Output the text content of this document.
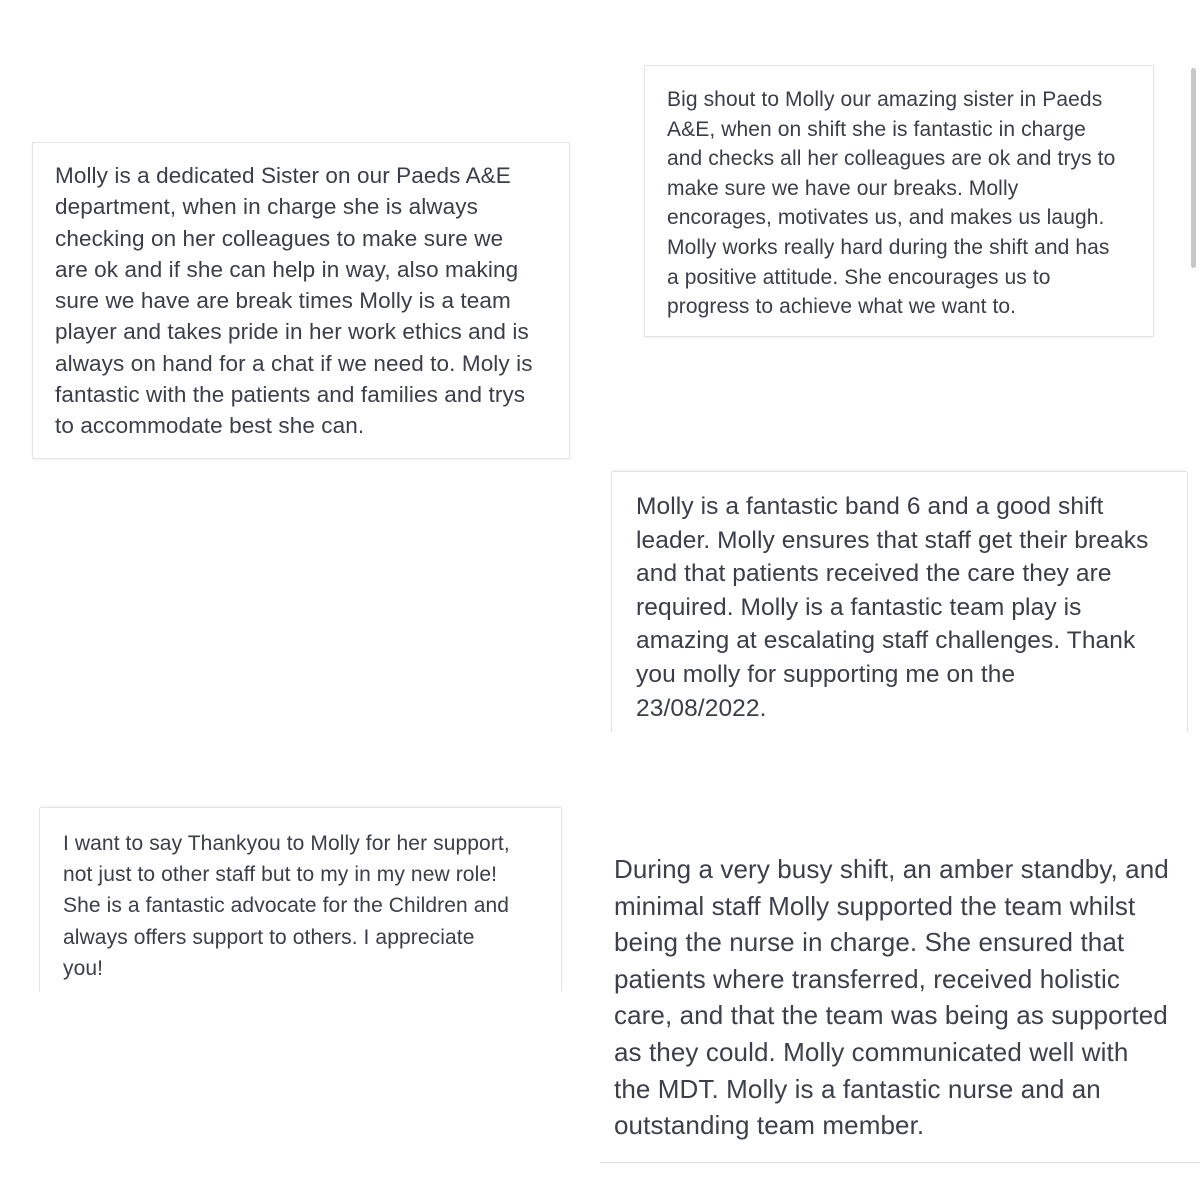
Big shout to Molly our amazing sister in Paeds
A&E, when on shift she is fantastic in charge
and checks all her colleagues are ok and trys to
make sure we have our breaks. Molly
encorages, motivates us, and makes us laugh.
Molly works really hard during the shift and has
a positive attitude. She encourages us to
progress to achieve what we want to.
Molly is a dedicated Sister on our Paeds A&E
department, when in charge she is always
checking on her colleagues to make sure we
are ok and if she can help in way, also making
sure we have are break times Molly is a team
player and takes pride in her work ethics and is
always on hand for a chat if we need to. Moly is
fantastic with the patients and families and trys
to accommodate best she can.
Molly is a fantastic band 6 and a good shift
leader. Molly ensures that staff get their breaks
and that patients received the care they are
required. Molly is a fantastic team play is
amazing at escalating staff challenges. Thank
you molly for supporting me on the
23/08/2022.
I want to say Thankyou to Molly for her support,
not just to other staff but to my in my new role!
She is a fantastic advocate for the Children and
always offers support to others. I appreciate
you!
During a very busy shift, an amber standby, and
minimal staff Molly supported the team whilst
being the nurse in charge. She ensured that
patients where transferred, received holistic
care, and that the team was being as supported
as they could. Molly communicated well with
the MDT. Molly is a fantastic nurse and an
outstanding team member.
